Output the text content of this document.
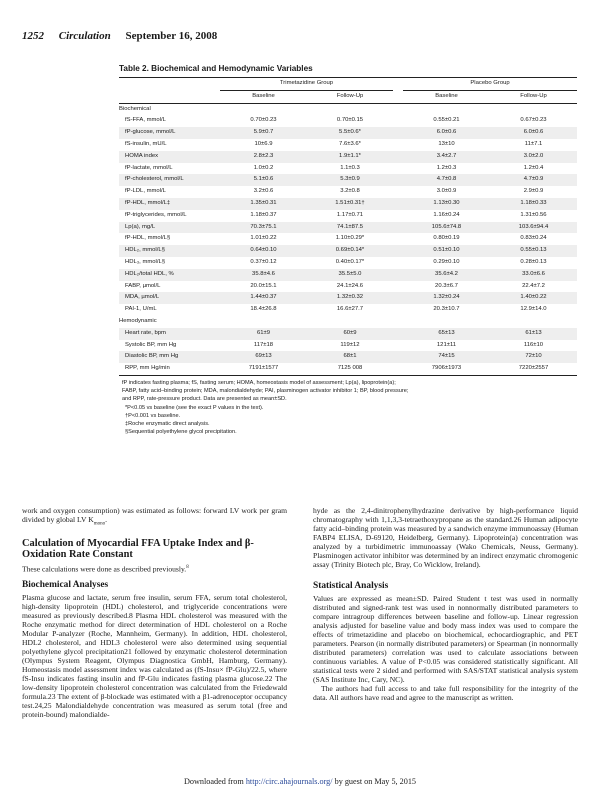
1252 Circulation September 16, 2008
Table 2. Biochemical and Hemodynamic Variables
	Trimetazidine Group			Placebo Group	
	Baseline	Follow-Up		Baseline	Follow-Up
Biochemical					
fS-FFA, mmol/L	0.70±0.23	0.70±0.15		0.55±0.21	0.67±0.23
fP-glucose, mmol/L	5.9±0.7	5.5±0.6*		6.0±0.6	6.0±0.6
fS-insulin, mU/L	10±6.9	7.6±3.6*		13±10	11±7.1
HOMA index	2.8±2.3	1.9±1.1*		3.4±2.7	3.0±2.0
fP-lactate, mmol/L	1.0±0.2	1.1±0.3		1.2±0.3	1.2±0.4
fP-cholesterol, mmol/L	5.1±0.6	5.3±0.9		4.7±0.8	4.7±0.9
fP-LDL, mmol/L	3.2±0.6	3.2±0.8		3.0±0.9	2.9±0.9
fP-HDL, mmol/L‡	1.35±0.31	1.51±0.31†		1.13±0.30	1.18±0.33
fP-triglycerides, mmol/L	1.18±0.37	1.17±0.71		1.16±0.24	1.31±0.56
Lp(a), mg/L	70.3±75.1	74.1±87.5		105.6±74.8	103.6±94.4
fP-HDL, mmol/L§	1.01±0.22	1.10±0.29*		0.80±0.19	0.83±0.24
HDL₂, mmol/L§	0.64±0.10	0.69±0.14*		0.51±0.10	0.55±0.13
HDL₃, mmol/L§	0.37±0.12	0.40±0.17*		0.29±0.10	0.28±0.13
HDL₂/total HDL, %	35.8±4.6	35.5±5.0		35.6±4.2	33.0±6.6
FABP, µmol/L	20.0±15.1	24.1±24.6		20.3±6.7	22.4±7.2
MDA, µmol/L	1.44±0.37	1.32±0.32		1.32±0.24	1.40±0.22
PAI-1, U/mL	18.4±26.8	16.6±27.7		20.3±10.7	12.9±14.0
Hemodynamic					
Heart rate, bpm	61±9	60±9		65±13	61±13
Systolic BP, mm Hg	117±18	119±12		121±11	116±10
Diastolic BP, mm Hg	69±13	68±1		74±15	72±10
RPP, mm Hg/min	7191±1577	7125 008		7906±1973	7220±2557
fP indicates fasting plasma; fS, fasting serum; HOMA, homeostasis model of assessment; Lp(a), lipoprotein(a);
FABP, fatty acid–binding protein; MDA, malondialdehyde; PAI, plasminogen activator inhibitor 1; BP, blood pressure;
and RPP, rate-pressure product. Data are presented as mean±SD.
*P<0.05 vs baseline (see the exact P values in the text).
†P<0.001 vs baseline.
‡Roche enzymatic direct analysis.
§Sequential polyethylene glycol precipitation.

work and oxygen consumption) was estimated as follows: forward LV work per gram divided by global LV $K_{mono}$.

Calculation of Myocardial FFA Uptake Index and β-Oxidation Rate Constant

These calculations were done as described previously.$^8$

Biochemical Analyses

Plasma glucose and lactate, serum free insulin, serum FFA, serum total cholesterol, high-density lipoprotein (HDL) cholesterol, and triglyceride concentrations were measured as previously described.8 Plasma HDL cholesterol was measured with the Roche enzymatic method for direct determination of HDL cholesterol on a Roche Modular P-analyzer (Roche, Mannheim, Germany). In addition, HDL cholesterol, HDL2 cholesterol, and HDL3 cholesterol were also determined using sequential polyethylene glycol precipitation21 followed by enzymatic cholesterol determination (Olympus System Reagent, Olympus Diagnostica GmbH, Hamburg, Germany). Homeostasis model assessment index was calculated as (fS-Insu× fP-Glu)/22.5, where fS-Insu indicates fasting insulin and fP-Glu indicates fasting plasma glucose.22 The low-density lipoprotein cholesterol concentration was calculated from the Friedewald formula.23 The extent of β-blockade was estimated with a β1-adrenoceptor occupancy test.24,25 Malondialdehyde concentration was measured as serum total (free and protein-bound) malondialde-

hyde as the 2,4-dinitrophenylhydrazine derivative by high-performance liquid chromatography with 1,1,3,3-tetraethoxypropane as the standard.26 Human adipocyte fatty acid–binding protein was measured by a sandwich enzyme immunoassay (Human FABP4 ELISA, D-69120, Heidelberg, Germany). Lipoprotein(a) concentration was analyzed by a turbidimetric immunoassay (Wako Chemicals, Neuss, Germany). Plasminogen activator inhibitor was determined by an indirect enzymatic chromogenic assay (Trinity Biotech plc, Bray, Co Wicklow, Ireland).

Statistical Analysis

Values are expressed as mean±SD. Paired Student t test was used in normally distributed and signed-rank test was used in nonnormally distributed parameters to compare intragroup differences between baseline and follow-up. Linear regression analysis adjusted for baseline value and body mass index was used to compare the effects of trimetazidine and placebo on biochemical, echocardiographic, and PET parameters. Pearson (in normally distributed parameters) or Spearman (in nonnormally distributed parameters) correlation was used to calculate associations between continuous variables. A value of P<0.05 was considered statistically significant. All statistical tests were 2 sided and performed with SAS/STAT statistical analysis system (SAS Institute Inc, Cary, NC).

The authors had full access to and take full responsibility for the integrity of the data. All authors have read and agree to the manuscript as written.

Downloaded from http://circ.ahajournals.org/ by guest on May 5, 2015
